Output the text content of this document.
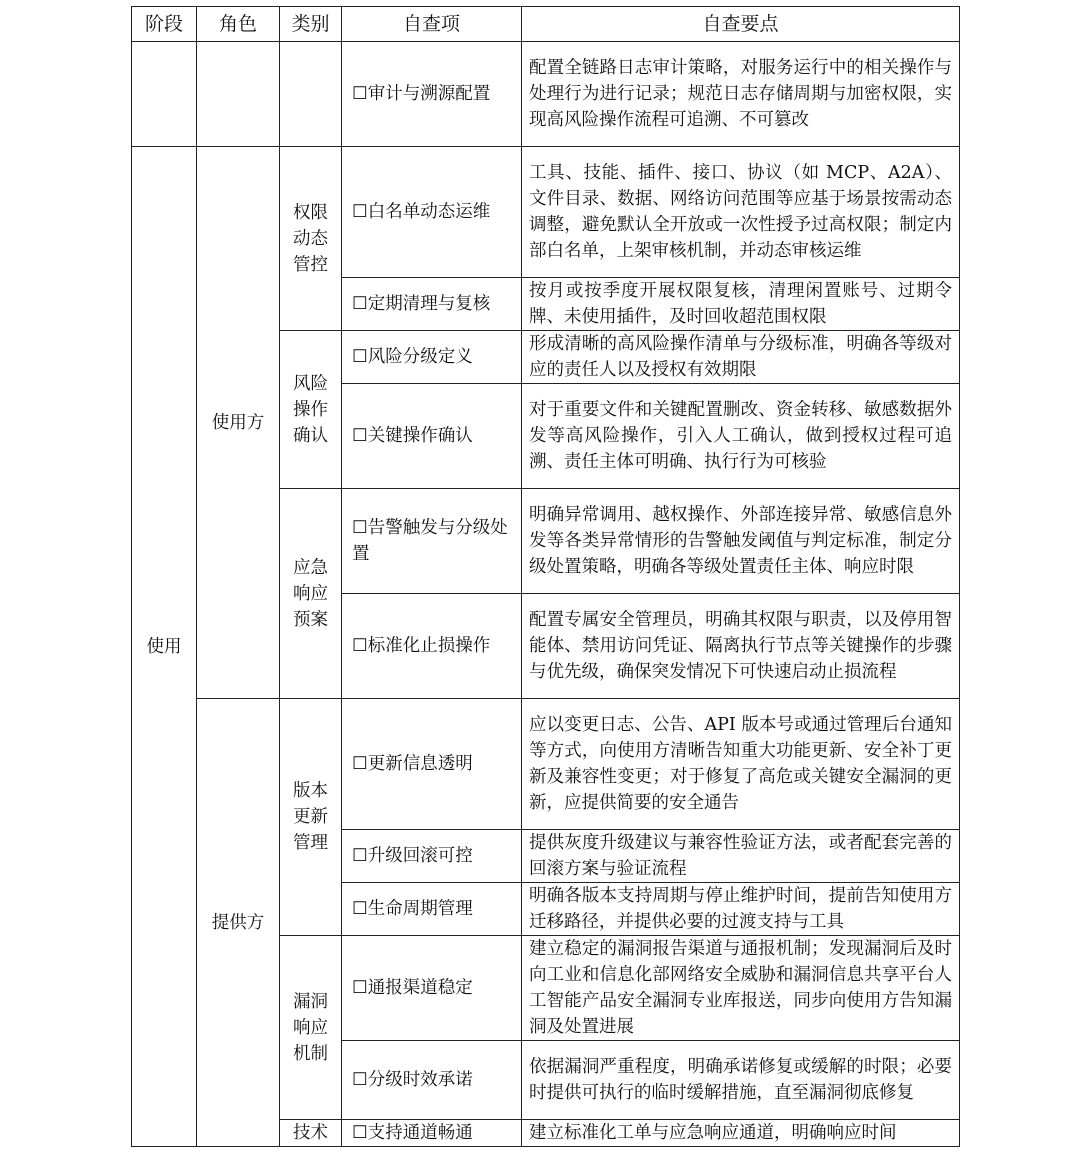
阶段	角色	类别	自查项	自查要点
			☐审计与溯源配置	配置全链路日志审计策略，对服务运行中的相关操作与处理行为进行记录；规范日志存储周期与加密权限，实现高风险操作流程可追溯、不可篡改
使用	使用方	权限动态管控	☐白名单动态运维	工具、技能、插件、接口、协议（如 MCP、A2A）、文件目录、数据、网络访问范围等应基于场景按需动态调整，避免默认全开放或一次性授予过高权限；制定内部白名单，上架审核机制，并动态审核运维
			☐定期清理与复核	按月或按季度开展权限复核，清理闲置账号、过期令牌、未使用插件，及时回收超范围权限
		风险操作确认	☐风险分级定义	形成清晰的高风险操作清单与分级标准，明确各等级对应的责任人以及授权有效期限
			☐关键操作确认	对于重要文件和关键配置删改、资金转移、敏感数据外发等高风险操作，引入人工确认，做到授权过程可追溯、责任主体可明确、执行行为可核验
		应急响应预案	☐告警触发与分级处置	明确异常调用、越权操作、外部连接异常、敏感信息外发等各类异常情形的告警触发阈值与判定标准，制定分级处置策略，明确各等级处置责任主体、响应时限
			☐标准化止损操作	配置专属安全管理员，明确其权限与职责，以及停用智能体、禁用访问凭证、隔离执行节点等关键操作的步骤与优先级，确保突发情况下可快速启动止损流程
	提供方	版本更新管理	☐更新信息透明	应以变更日志、公告、API 版本号或通过管理后台通知等方式，向使用方清晰告知重大功能更新、安全补丁更新及兼容性变更；对于修复了高危或关键安全漏洞的更新，应提供简要的安全通告
			☐升级回滚可控	提供灰度升级建议与兼容性验证方法，或者配套完善的回滚方案与验证流程
			☐生命周期管理	明确各版本支持周期与停止维护时间，提前告知使用方迁移路径，并提供必要的过渡支持与工具
		漏洞响应机制	☐通报渠道稳定	建立稳定的漏洞报告渠道与通报机制；发现漏洞后及时向工业和信息化部网络安全威胁和漏洞信息共享平台人工智能产品安全漏洞专业库报送，同步向使用方告知漏洞及处置进展
			☐分级时效承诺	依据漏洞严重程度，明确承诺修复或缓解的时限；必要时提供可执行的临时缓解措施，直至漏洞彻底修复
		技术	☐支持通道畅通	建立标准化工单与应急响应通道，明确响应时间
